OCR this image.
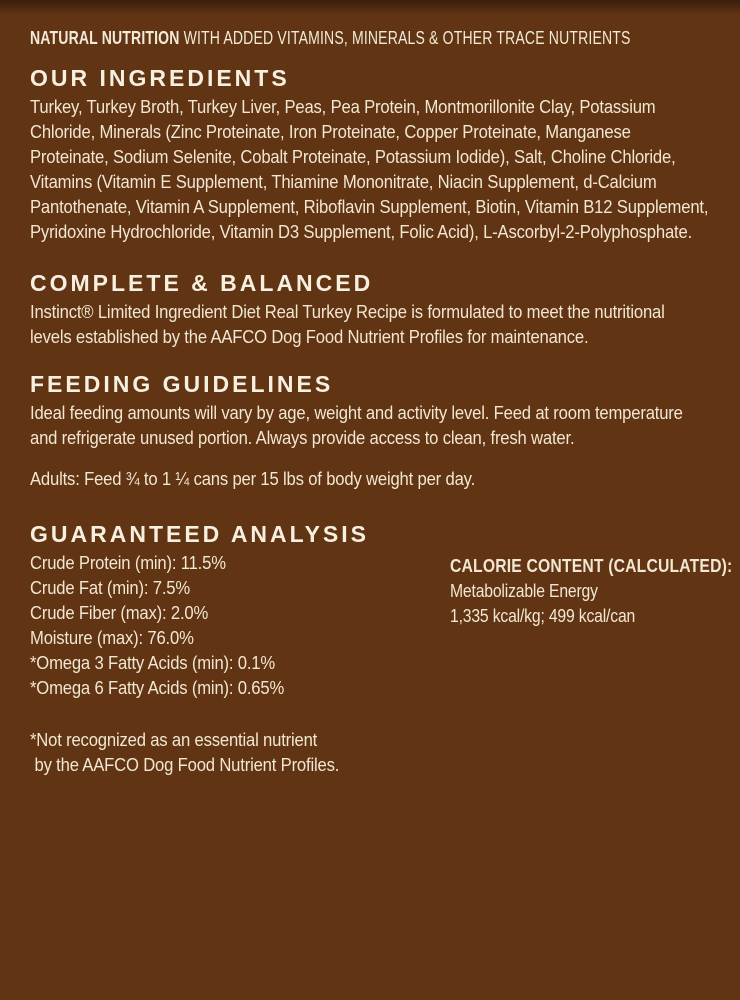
NATURAL NUTRITION WITH ADDED VITAMINS, MINERALS & OTHER TRACE NUTRIENTS
OUR INGREDIENTS

Turkey, Turkey Broth, Turkey Liver, Peas, Pea Protein, Montmorillonite Clay, Potassium Chloride, Minerals (Zinc Proteinate, Iron Proteinate, Copper Proteinate, Manganese Proteinate, Sodium Selenite, Cobalt Proteinate, Potassium Iodide), Salt, Choline Chloride, Vitamins (Vitamin E Supplement, Thiamine Mononitrate, Niacin Supplement, d-Calcium Pantothenate, Vitamin A Supplement, Riboflavin Supplement, Biotin, Vitamin B12 Supplement, Pyridoxine Hydrochloride, Vitamin D3 Supplement, Folic Acid), L-Ascorbyl-2-Polyphosphate.

COMPLETE & BALANCED

Instinct® Limited Ingredient Diet Real Turkey Recipe is formulated to meet the nutritional levels established by the AAFCO Dog Food Nutrient Profiles for maintenance.

FEEDING GUIDELINES

Ideal feeding amounts will vary by age, weight and activity level. Feed at room temperature and refrigerate unused portion. Always provide access to clean, fresh water.

Adults: Feed ¾ to 1 ¼ cans per 15 lbs of body weight per day.

GUARANTEED ANALYSIS
Crude Protein (min): 11.5%
Crude Fat (min): 7.5%
Crude Fiber (max): 2.0%
Moisture (max): 76.0%
*Omega 3 Fatty Acids (min): 0.1%
*Omega 6 Fatty Acids (min): 0.65%
CALORIE CONTENT (CALCULATED):
Metabolizable Energy
1,335 kcal/kg; 499 kcal/can
*Not recognized as an essential nutrient
by the AAFCO Dog Food Nutrient Profiles.
